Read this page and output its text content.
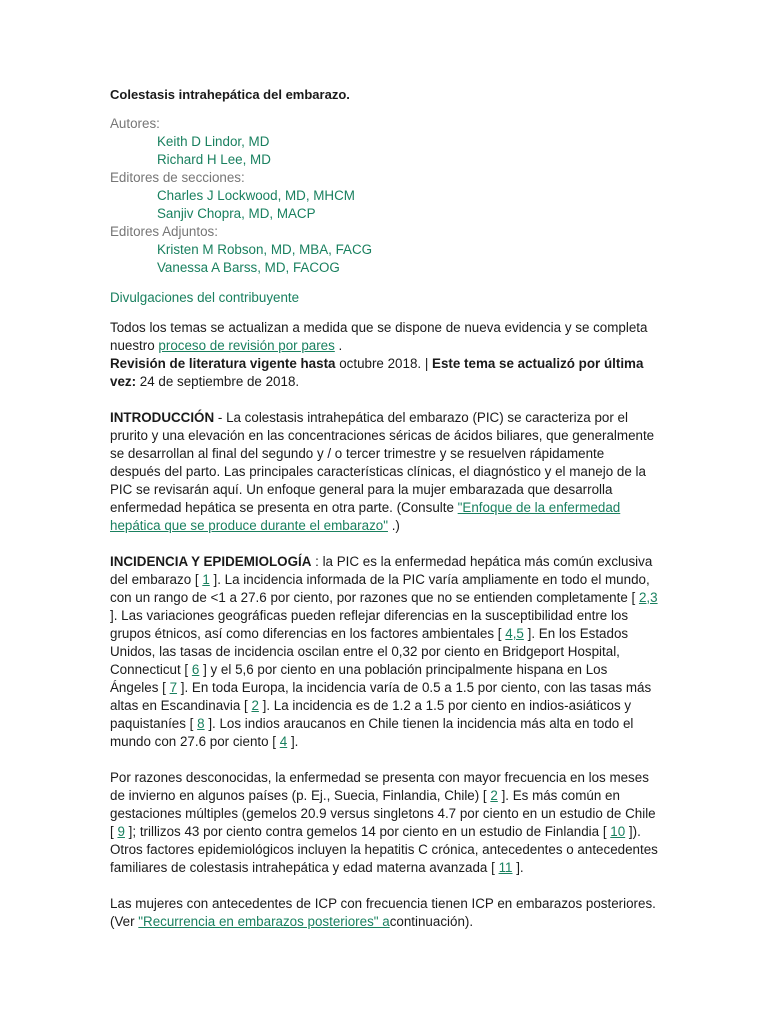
Colestasis intrahepática del embarazo.
Autores:
Keith D Lindor, MD
Richard H Lee, MD
Editores de secciones:
Charles J Lockwood, MD, MHCM
Sanjiv Chopra, MD, MACP
Editores Adjuntos:
Kristen M Robson, MD, MBA, FACG
Vanessa A Barss, MD, FACOG
Divulgaciones del contribuyente

Todos los temas se actualizan a medida que se dispone de nueva evidencia y se completa nuestro proceso de revisión por pares .
Revisión de literatura vigente hasta octubre 2018. | Este tema se actualizó por última vez: 24 de septiembre de 2018.

INTRODUCCIÓN - La colestasis intrahepática del embarazo (PIC) se caracteriza por el prurito y una elevación en las concentraciones séricas de ácidos biliares, que generalmente se desarrollan al final del segundo y / o tercer trimestre y se resuelven rápidamente después del parto. Las principales características clínicas, el diagnóstico y el manejo de la PIC se revisarán aquí. Un enfoque general para la mujer embarazada que desarrolla enfermedad hepática se presenta en otra parte. (Consulte "Enfoque de la enfermedad hepática que se produce durante el embarazo" .)

INCIDENCIA Y EPIDEMIOLOGÍA : la PIC es la enfermedad hepática más común exclusiva del embarazo [ 1 ]. La incidencia informada de la PIC varía ampliamente en todo el mundo, con un rango de <1 a 27.6 por ciento, por razones que no se entienden completamente [ 2,3 ]. Las variaciones geográficas pueden reflejar diferencias en la susceptibilidad entre los grupos étnicos, así como diferencias en los factores ambientales [ 4,5 ]. En los Estados Unidos, las tasas de incidencia oscilan entre el 0,32 por ciento en Bridgeport Hospital, Connecticut [ 6 ] y el 5,6 por ciento en una población principalmente hispana en Los Ángeles [ 7 ]. En toda Europa, la incidencia varía de 0.5 a 1.5 por ciento, con las tasas más altas en Escandinavia [ 2 ]. La incidencia es de 1.2 a 1.5 por ciento en indios-asiáticos y paquistaníes [ 8 ]. Los indios araucanos en Chile tienen la incidencia más alta en todo el mundo con 27.6 por ciento [ 4 ].

Por razones desconocidas, la enfermedad se presenta con mayor frecuencia en los meses de invierno en algunos países (p. Ej., Suecia, Finlandia, Chile) [ 2 ]. Es más común en gestaciones múltiples (gemelos 20.9 versus singletons 4.7 por ciento en un estudio de Chile [ 9 ]; trillizos 43 por ciento contra gemelos 14 por ciento en un estudio de Finlandia [ 10 ]). Otros factores epidemiológicos incluyen la hepatitis C crónica, antecedentes o antecedentes familiares de colestasis intrahepática y edad materna avanzada [ 11 ].

Las mujeres con antecedentes de ICP con frecuencia tienen ICP en embarazos posteriores. (Ver "Recurrencia en embarazos posteriores" acontinuación).
